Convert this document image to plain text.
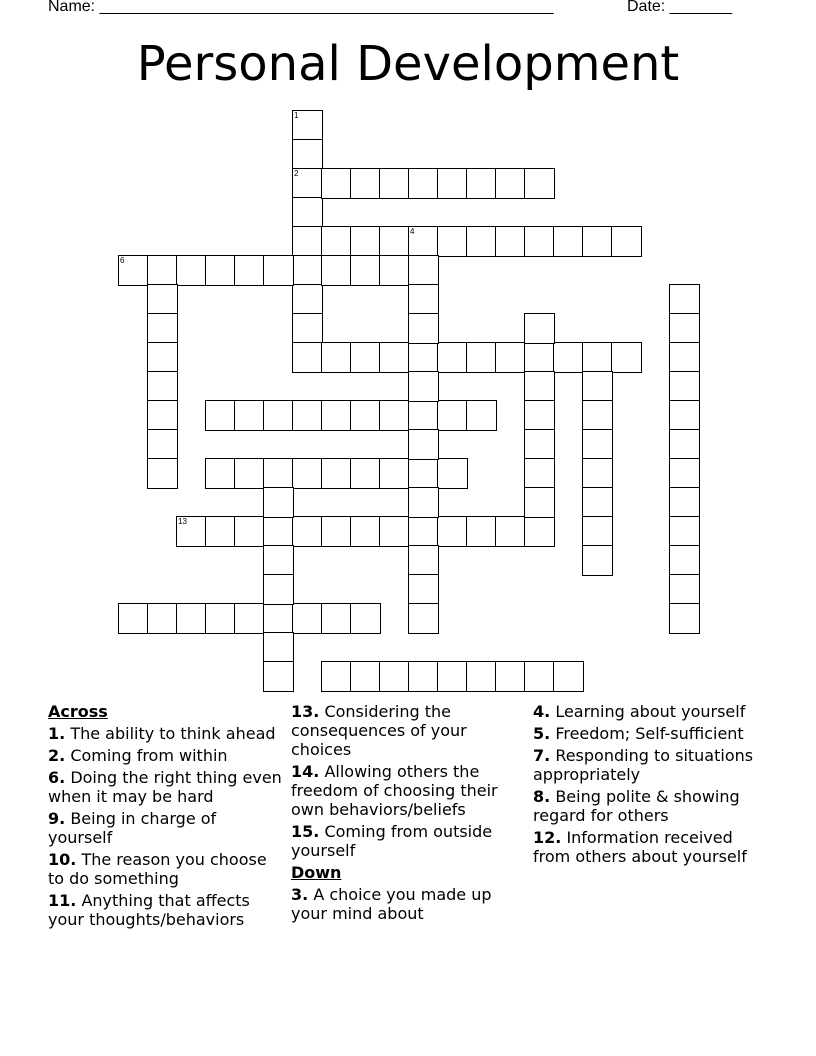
Name: ___________________________________________________	Date: _______
Personal Development
1
2
4
6
13
Across
1. The ability to think ahead
2. Coming from within
6. Doing the right thing even when it may be hard
9. Being in charge of yourself
10. The reason you choose to do something
11. Anything that affects your thoughts/behaviors
13. Considering the consequences of your choices
14. Allowing others the freedom of choosing their own behaviors/beliefs
15. Coming from outside yourself
Down
3. A choice you made up your mind about
4. Learning about yourself
5. Freedom; Self-sufficient
7. Responding to situations appropriately
8. Being polite & showing regard for others
12. Information received from others about yourself
